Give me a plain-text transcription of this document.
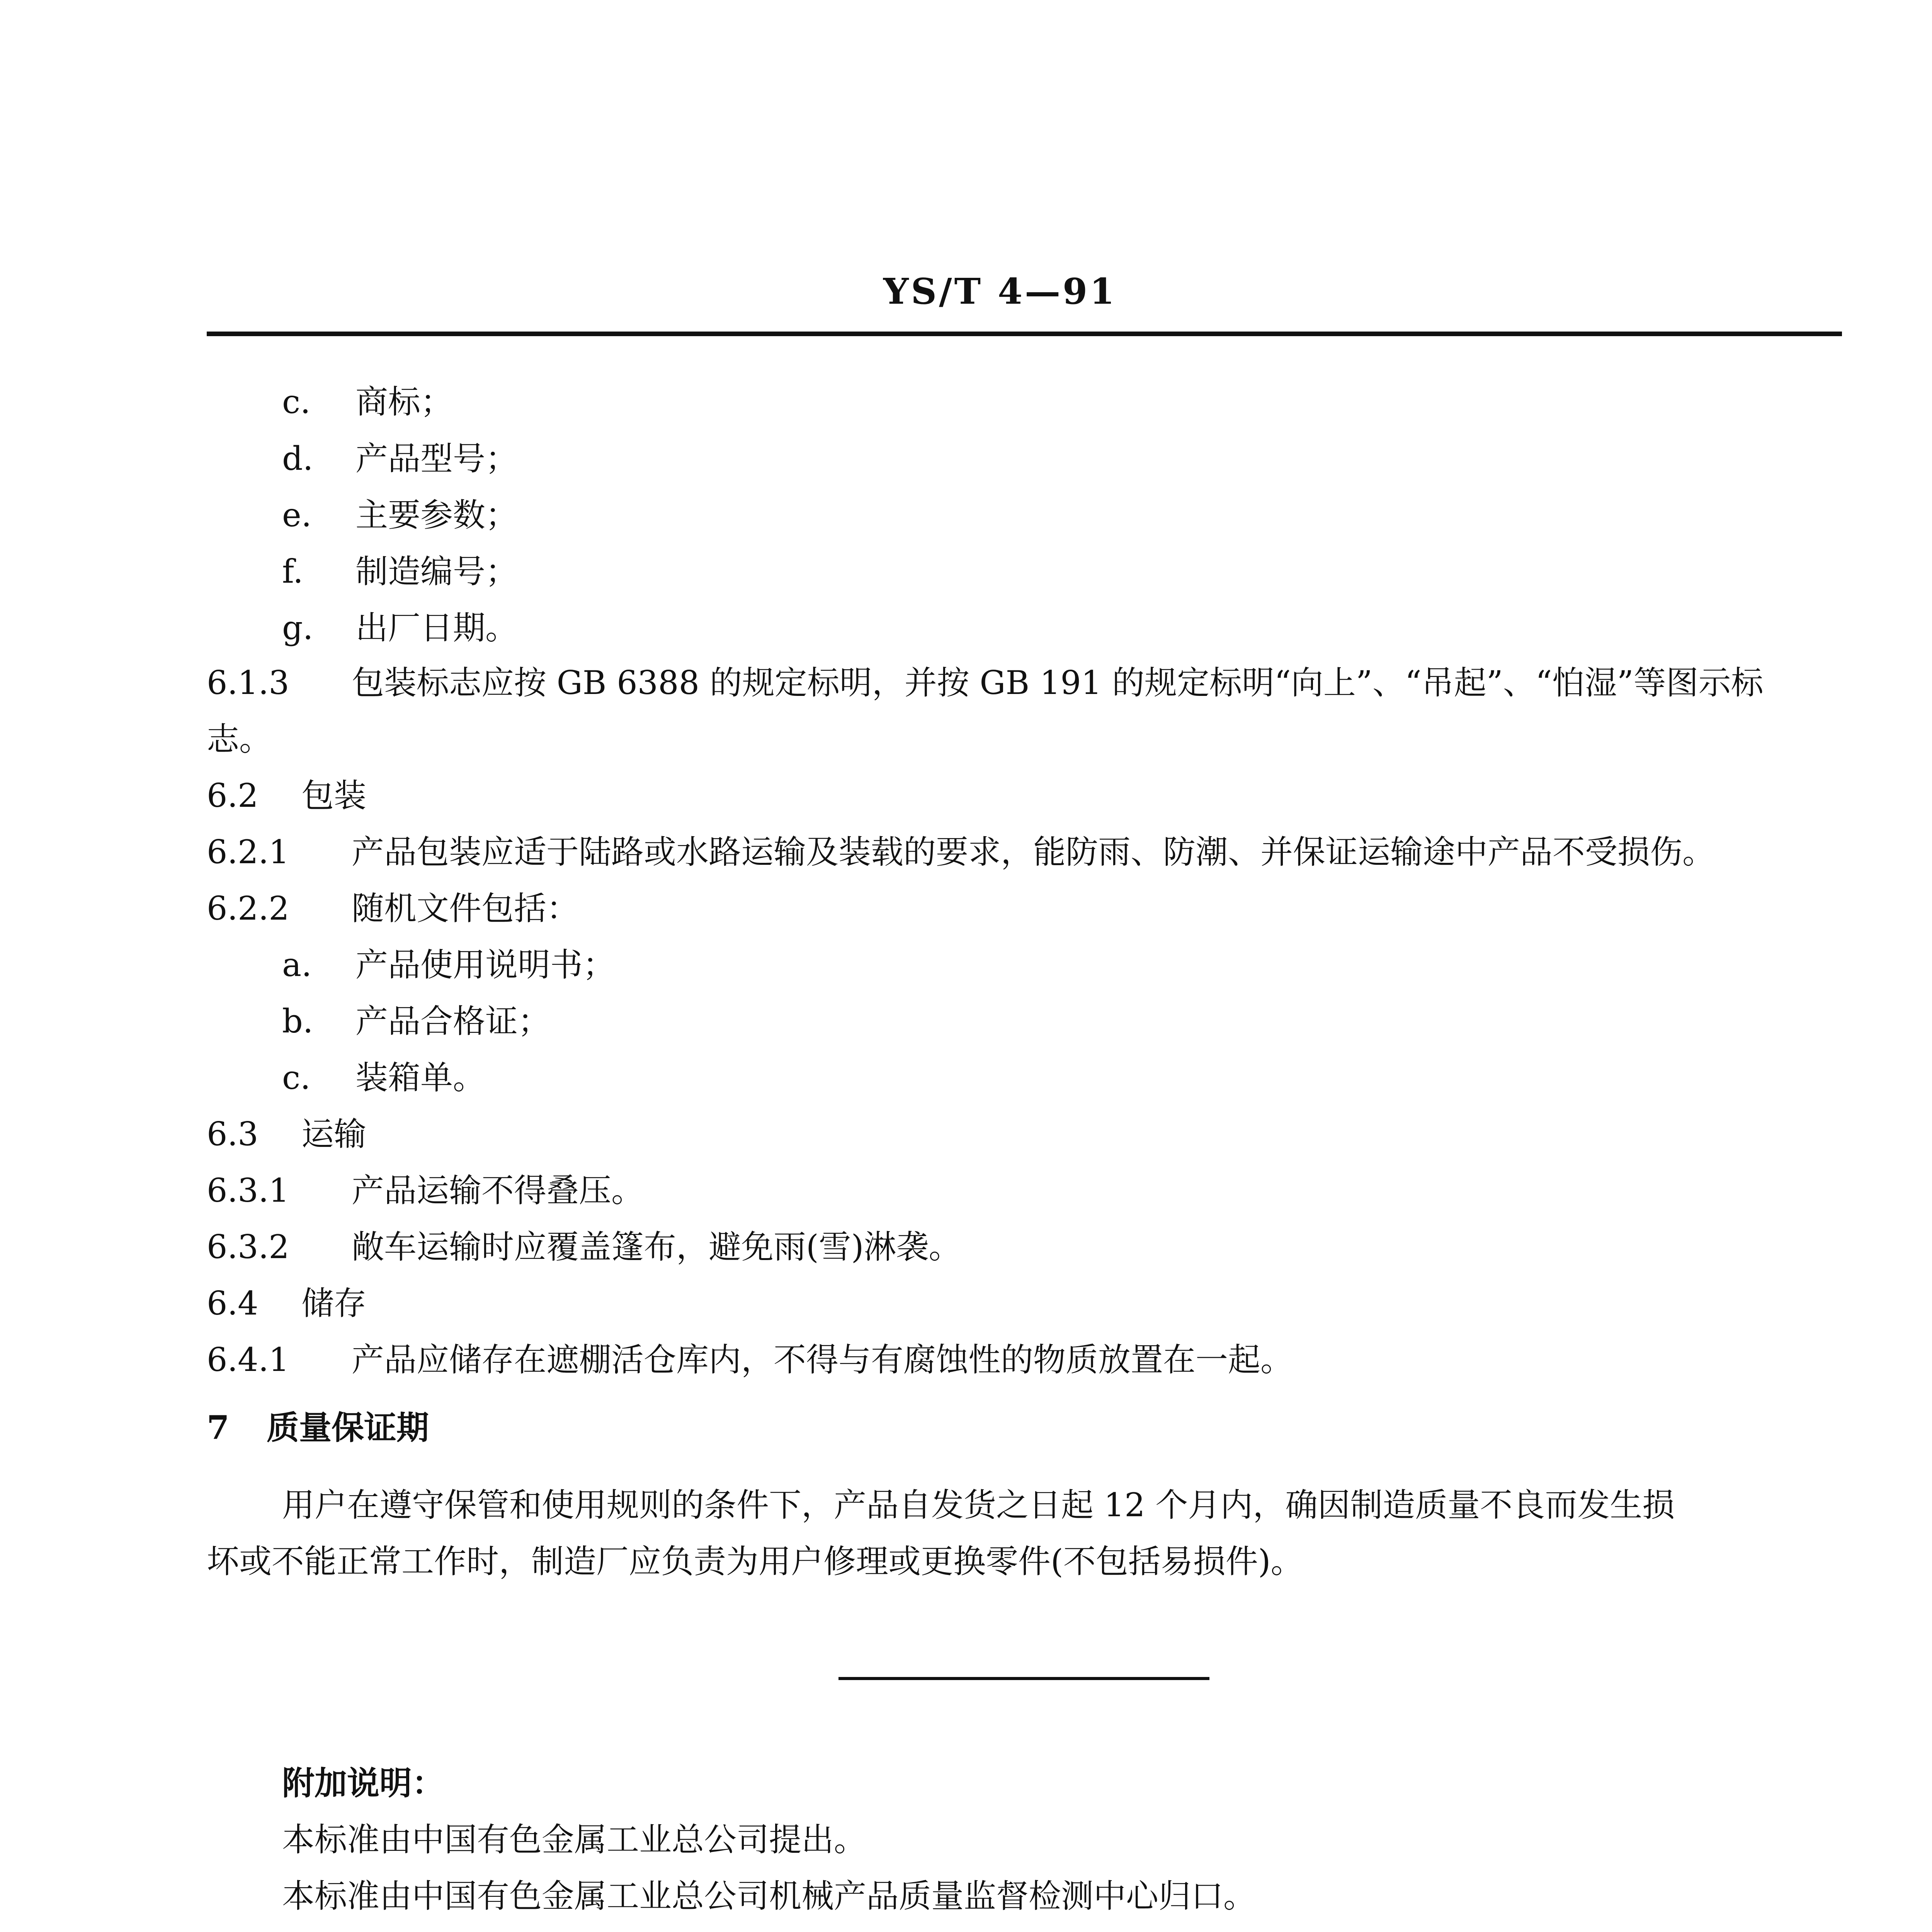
YS/T 4—91
c. 商标；
d. 产品型号；
e. 主要参数；
f. 制造编号；
g. 出厂日期。
6.1.3 包装标志应按 GB 6388 的规定标明，并按 GB 191 的规定标明“向上”、“吊起”、“怕湿”等图示标
志。
6.2 包装
6.2.1 产品包装应适于陆路或水路运输及装载的要求，能防雨、防潮、并保证运输途中产品不受损伤。
6.2.2 随机文件包括：
a. 产品使用说明书；
b. 产品合格证；
c. 装箱单。
6.3 运输
6.3.1 产品运输不得叠压。
6.3.2 敞车运输时应覆盖篷布，避免雨(雪)淋袭。
6.4 储存
6.4.1 产品应储存在遮棚活仓库内，不得与有腐蚀性的物质放置在一起。
7 质量保证期
用户在遵守保管和使用规则的条件下，产品自发货之日起 12 个月内，确因制造质量不良而发生损
坏或不能正常工作时，制造厂应负责为用户修理或更换零件(不包括易损件)。
附加说明：
本标准由中国有色金属工业总公司提出。
本标准由中国有色金属工业总公司机械产品质量监督检测中心归口。
